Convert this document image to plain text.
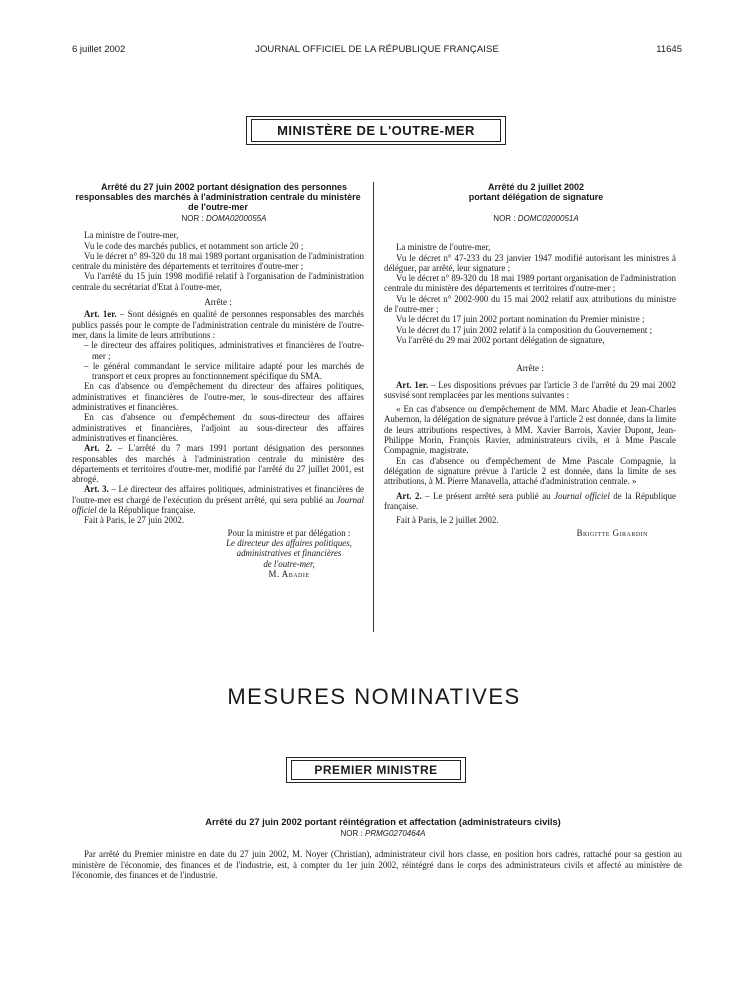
6 juillet 2002	JOURNAL OFFICIEL DE LA RÉPUBLIQUE FRANÇAISE	11645
MINISTÈRE DE L'OUTRE-MER

Arrêté du 27 juin 2002 portant désignation des personnes responsables des marchés à l'administration centrale du ministère de l'outre-mer

NOR : DOMA0200055A

La ministre de l'outre-mer,

Vu le code des marchés publics, et notamment son article 20 ;

Vu le décret n° 89-320 du 18 mai 1989 portant organisation de l'administration centrale du ministère des départements et territoires d'outre-mer ;

Vu l'arrêté du 15 juin 1998 modifié relatif à l'organisation de l'administration centrale du secrétariat d'Etat à l'outre-mer,

Arrête :

Art. 1er. – Sont désignés en qualité de personnes responsables des marchés publics passés pour le compte de l'administration centrale du ministère de l'outre-mer, dans la limite de leurs attributions :

– le directeur des affaires politiques, administratives et financières de l'outre-mer ;

– le général commandant le service militaire adapté pour les marchés de transport et ceux propres au fonctionnement spécifique du SMA.

En cas d'absence ou d'empêchement du directeur des affaires politiques, administratives et financières de l'outre-mer, le sous-directeur des affaires administratives et financières.

En cas d'absence ou d'empêchement du sous-directeur des affaires administratives et financières, l'adjoint au sous-directeur des affaires administratives et financières.

Art. 2. – L'arrêté du 7 mars 1991 portant désignation des personnes responsables des marchés à l'administration centrale du ministère des départements et territoires d'outre-mer, modifié par l'arrêté du 27 juillet 2001, est abrogé.

Art. 3. – Le directeur des affaires politiques, administratives et financières de l'outre-mer est chargé de l'exécution du présent arrêté, qui sera publié au Journal officiel de la République française.

Fait à Paris, le 27 juin 2002.

Pour la ministre et par délégation :

Le directeur des affaires politiques,

administratives et financières

de l'outre-mer,

M. Abadie

Arrêté du 2 juillet 2002

portant délégation de signature

NOR : DOMC0200051A

La ministre de l'outre-mer,

Vu le décret n° 47-233 du 23 janvier 1947 modifié autorisant les ministres à déléguer, par arrêté, leur signature ;

Vu le décret n° 89-320 du 18 mai 1989 portant organisation de l'administration centrale du ministère des départements et territoires d'outre-mer ;

Vu le décret n° 2002-900 du 15 mai 2002 relatif aux attributions du ministre de l'outre-mer ;

Vu le décret du 17 juin 2002 portant nomination du Premier ministre ;

Vu le décret du 17 juin 2002 relatif à la composition du Gouvernement ;

Vu l'arrêté du 29 mai 2002 portant délégation de signature,

Arrête :

Art. 1er. – Les dispositions prévues par l'article 3 de l'arrêté du 29 mai 2002 susvisé sont remplacées par les mentions suivantes :

« En cas d'absence ou d'empêchement de MM. Marc Abadie et Jean-Charles Aubernon, la délégation de signature prévue à l'article 2 est donnée, dans la limite de leurs attributions respectives, à MM. Xavier Barrois, Xavier Dupont, Jean-Philippe Morin, François Ravier, administrateurs civils, et à Mme Pascale Compagnie, magistrate.

En cas d'absence ou d'empêchement de Mme Pascale Compagnie, la délégation de signature prévue à l'article 2 est donnée, dans la limite de ses attributions, à M. Pierre Manavella, attaché d'administration centrale. »

Art. 2. – Le présent arrêté sera publié au Journal officiel de la République française.

Fait à Paris, le 2 juillet 2002.

Brigitte Girardin

MESURES NOMINATIVES
PREMIER MINISTRE

Arrêté du 27 juin 2002 portant réintégration et affectation (administrateurs civils)

NOR : PRMG0270464A

Par arrêté du Premier ministre en date du 27 juin 2002, M. Noyer (Christian), administrateur civil hors classe, en position hors cadres, rattaché pour sa gestion au ministère de l'économie, des finances et de l'industrie, est, à compter du 1er juin 2002, réintégré dans le corps des administrateurs civils et affecté au ministère de l'économie, des finances et de l'industrie.
